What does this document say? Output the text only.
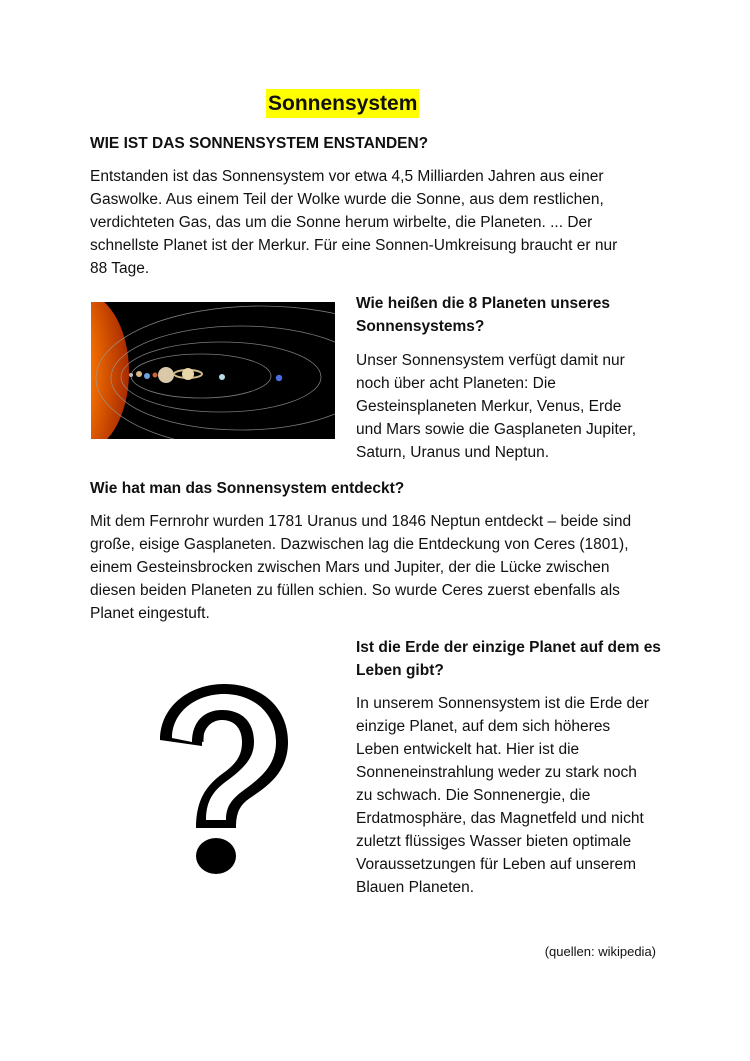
Sonnensystem
WIE IST DAS SONNENSYSTEM ENSTANDEN?
Entstanden ist das Sonnensystem vor etwa 4,5 Milliarden Jahren aus einer
Gaswolke. Aus einem Teil der Wolke wurde die Sonne, aus dem restlichen,
verdichteten Gas, das um die Sonne herum wirbelte, die Planeten. ... Der
schnellste Planet ist der Merkur. Für eine Sonnen-Umkreisung braucht er nur
88 Tage.
Wie heißen die 8 Planeten unseres
Sonnensystems?
Unser Sonnensystem verfügt damit nur
noch über acht Planeten: Die
Gesteinsplaneten Merkur, Venus, Erde
und Mars sowie die Gasplaneten Jupiter,
Saturn, Uranus und Neptun.
Wie hat man das Sonnensystem entdeckt?
Mit dem Fernrohr wurden 1781 Uranus und 1846 Neptun entdeckt – beide sind
große, eisige Gasplaneten. Dazwischen lag die Entdeckung von Ceres (1801),
einem Gesteinsbrocken zwischen Mars und Jupiter, der die Lücke zwischen
diesen beiden Planeten zu füllen schien. So wurde Ceres zuerst ebenfalls als
Planet eingestuft.
Ist die Erde der einzige Planet auf dem es
Leben gibt?
In unserem Sonnensystem ist die Erde der
einzige Planet, auf dem sich höheres
Leben entwickelt hat. Hier ist die
Sonneneinstrahlung weder zu stark noch
zu schwach. Die Sonnenergie, die
Erdatmosphäre, das Magnetfeld und nicht
zuletzt flüssiges Wasser bieten optimale
Voraussetzungen für Leben auf unserem
Blauen Planeten.
(quellen: wikipedia)
